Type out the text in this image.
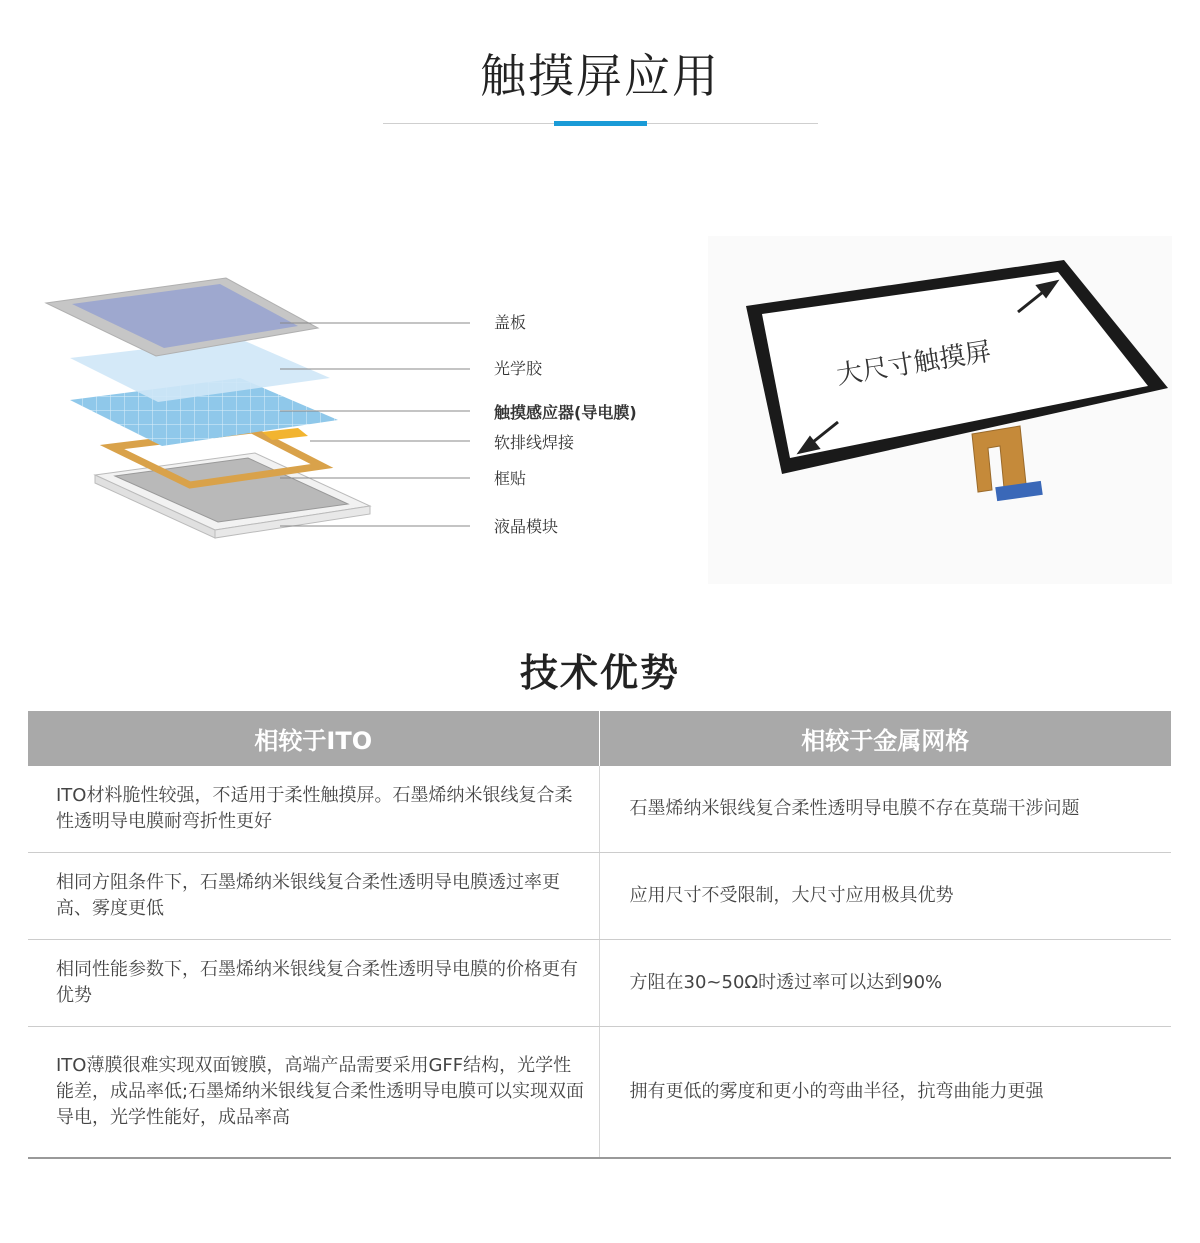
触摸屏应用
盖板
光学胶
触摸感应器(导电膜)
软排线焊接
框贴
液晶模块
大尺寸触摸屏
技术优势
相较于ITO	相较于金属网格
ITO材料脆性较强，不适用于柔性触摸屏。石墨烯纳米银线复合柔性透明导电膜耐弯折性更好	石墨烯纳米银线复合柔性透明导电膜不存在莫瑞干涉问题
相同方阻条件下，石墨烯纳米银线复合柔性透明导电膜透过率更高、雾度更低	应用尺寸不受限制，大尺寸应用极具优势
相同性能参数下，石墨烯纳米银线复合柔性透明导电膜的价格更有优势	方阻在30~50Ω时透过率可以达到90%
ITO薄膜很难实现双面镀膜，高端产品需要采用GFF结构，光学性能差，成品率低;石墨烯纳米银线复合柔性透明导电膜可以实现双面导电，光学性能好，成品率高	拥有更低的雾度和更小的弯曲半径，抗弯曲能力更强
